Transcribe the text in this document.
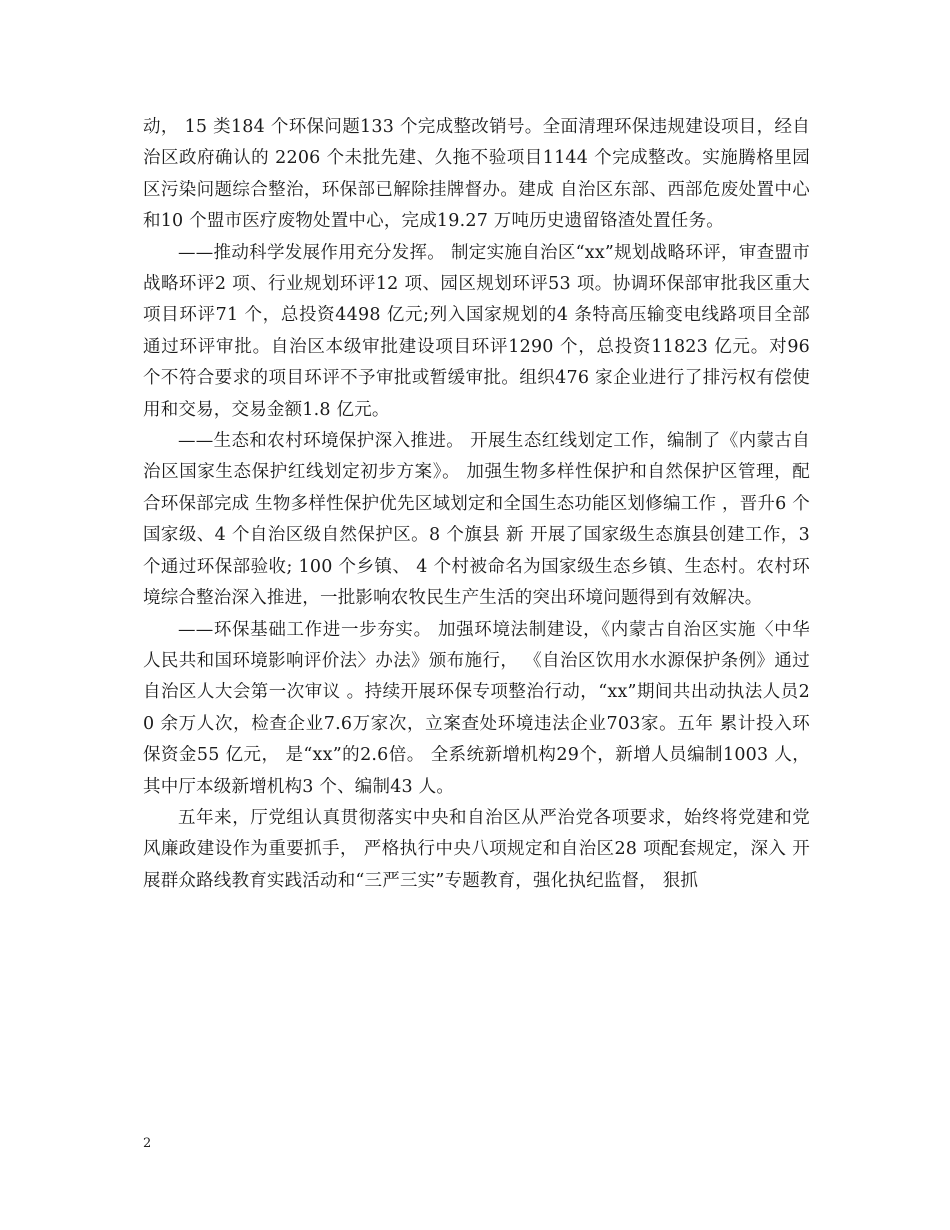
动， 15 类184 个环保问题133 个完成整改销号。全面清理环保违规建设项目，经自治区政府确认的 2206 个未批先建、久拖不验项目1144 个完成整改。实施腾格里园区污染问题综合整治，环保部已解除挂牌督办。建成 自治区东部、西部危废处置中心和10 个盟市医疗废物处置中心，完成19.27 万吨历史遗留铬渣处置任务。

——推动科学发展作用充分发挥。 制定实施自治区“xx”规划战略环评，审查盟市战略环评2 项、行业规划环评12 项、园区规划环评53 项。协调环保部审批我区重大项目环评71 个，总投资4498 亿元;列入国家规划的4 条特高压输变电线路项目全部通过环评审批。自治区本级审批建设项目环评1290 个，总投资11823 亿元。对96 个不符合要求的项目环评不予审批或暂缓审批。组织476 家企业进行了排污权有偿使用和交易，交易金额1.8 亿元。

——生态和农村环境保护深入推进。 开展生态红线划定工作，编制了《内蒙古自治区国家生态保护红线划定初步方案》。 加强生物多样性保护和自然保护区管理，配合环保部完成 生物多样性保护优先区域划定和全国生态功能区划修编工作 ，晋升6 个国家级、4 个自治区级自然保护区。8 个旗县 新 开展了国家级生态旗县创建工作，3 个通过环保部验收; 100 个乡镇、 4 个村被命名为国家级生态乡镇、生态村。农村环境综合整治深入推进，一批影响农牧民生产生活的突出环境问题得到有效解决。

——环保基础工作进一步夯实。 加强环境法制建设，《内蒙古自治区实施〈中华人民共和国环境影响评价法〉办法》颁布施行， 《自治区饮用水水源保护条例》通过自治区人大会第一次审议 。持续开展环保专项整治行动，“xx”期间共出动执法人员20 余万人次，检查企业7.6万家次，立案查处环境违法企业703家。五年 累计投入环保资金55 亿元， 是“xx”的2.6倍。 全系统新增机构29个，新增人员编制1003 人，其中厅本级新增机构3 个、编制43 人。

五年来，厅党组认真贯彻落实中央和自治区从严治党各项要求，始终将党建和党风廉政建设作为重要抓手， 严格执行中央八项规定和自治区28 项配套规定，深入 开展群众路线教育实践活动和“三严三实”专题教育，强化执纪监督， 狠抓

2
